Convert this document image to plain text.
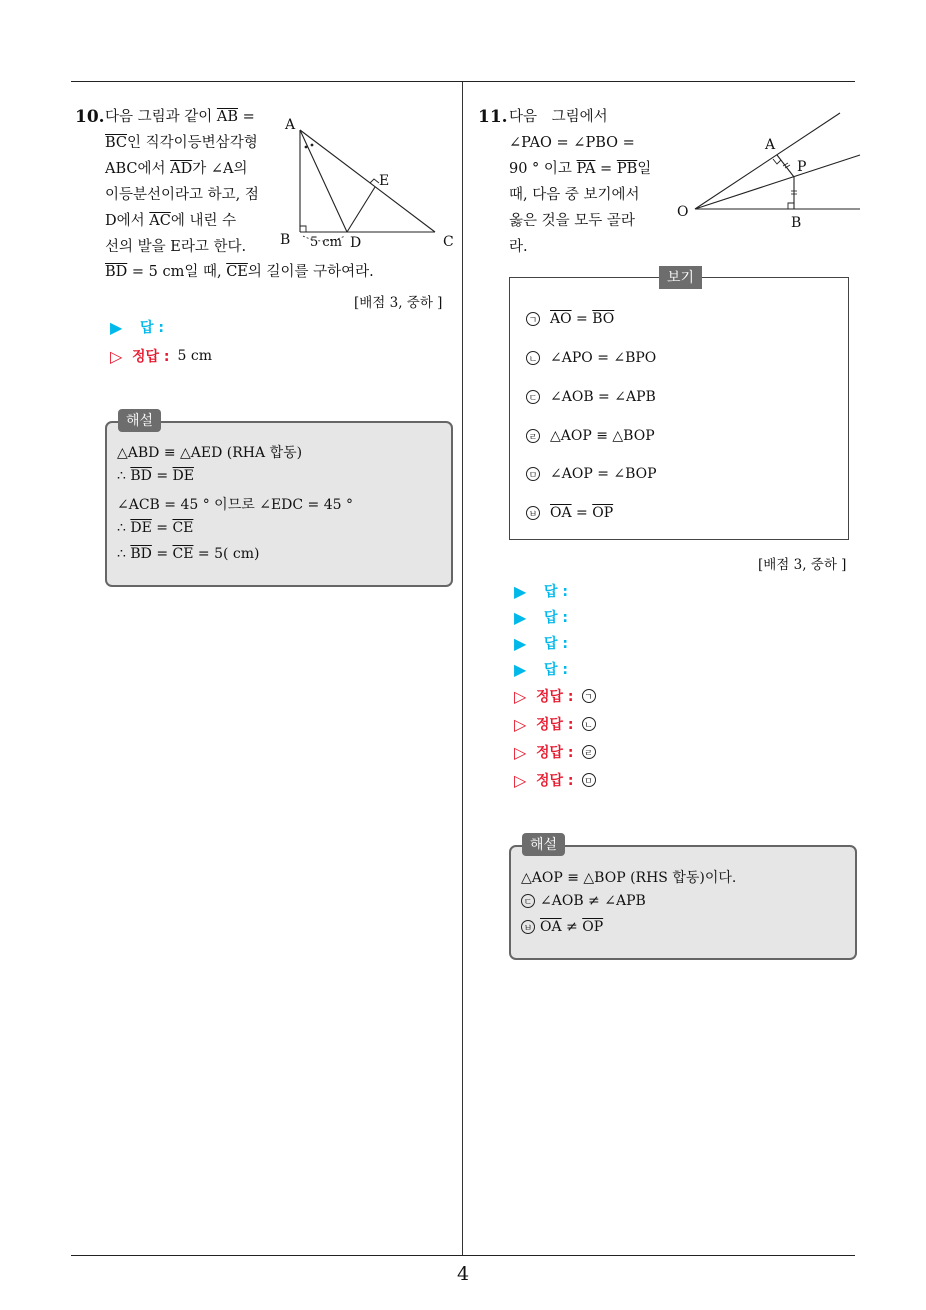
4
10. 다음 그림과 같이 $\overline{AB}$ =
$\overline{BC}$인 직각이등변삼각형
ABC에서 $\overline{AD}$가 ∠A의
이등분선이라고 하고, 점
D에서 $\overline{AC}$에 내린 수
선의 발을 E라고 한다.
$\overline{BD} = 5$ cm일 때, $\overline{CE}$의 길이를 구하여라.
A
B	C
D
E
5 cm
[배점 3, 중하 ]
▶	답 :
▷ 정답 : 5 cm
해설
△ABD ≡ △AED (RHA 합동)
∴ $\overline{BD} = \overline{DE}$
∠ACB = 45 ° 이므로 ∠EDC = 45 °
∴ $\overline{DE} = \overline{CE}$
∴ $\overline{BD} = \overline{CE} = 5$( cm)
11. 다음 그림에서
∠PAO = ∠PBO =
90 ° 이고 $\overline{PA} = \overline{PB}$일
때, 다음 중 보기에서
옳은 것을 모두 골라
라.
O
A
P
B
보기
ㄱ $\overline{AO} = \overline{BO}$
ㄴ ∠APO = ∠BPO
ㄷ ∠AOB = ∠APB
ㄹ △AOP ≡ △BOP
ㅁ ∠AOP = ∠BOP
ㅂ $\overline{OA} = \overline{OP}$
[배점 3, 중하 ]
▶	답 :
▶	답 :
▶	답 :
▶	답 :
▷ 정답 : ㄱ
▷ 정답 : ㄴ
▷ 정답 : ㄹ
▷ 정답 : ㅁ
해설
△AOP ≡ △BOP (RHS 합동)이다.
ㄷ ∠AOB ≠ ∠APB
ㅂ $\overline{OA} \ne \overline{OP}$
